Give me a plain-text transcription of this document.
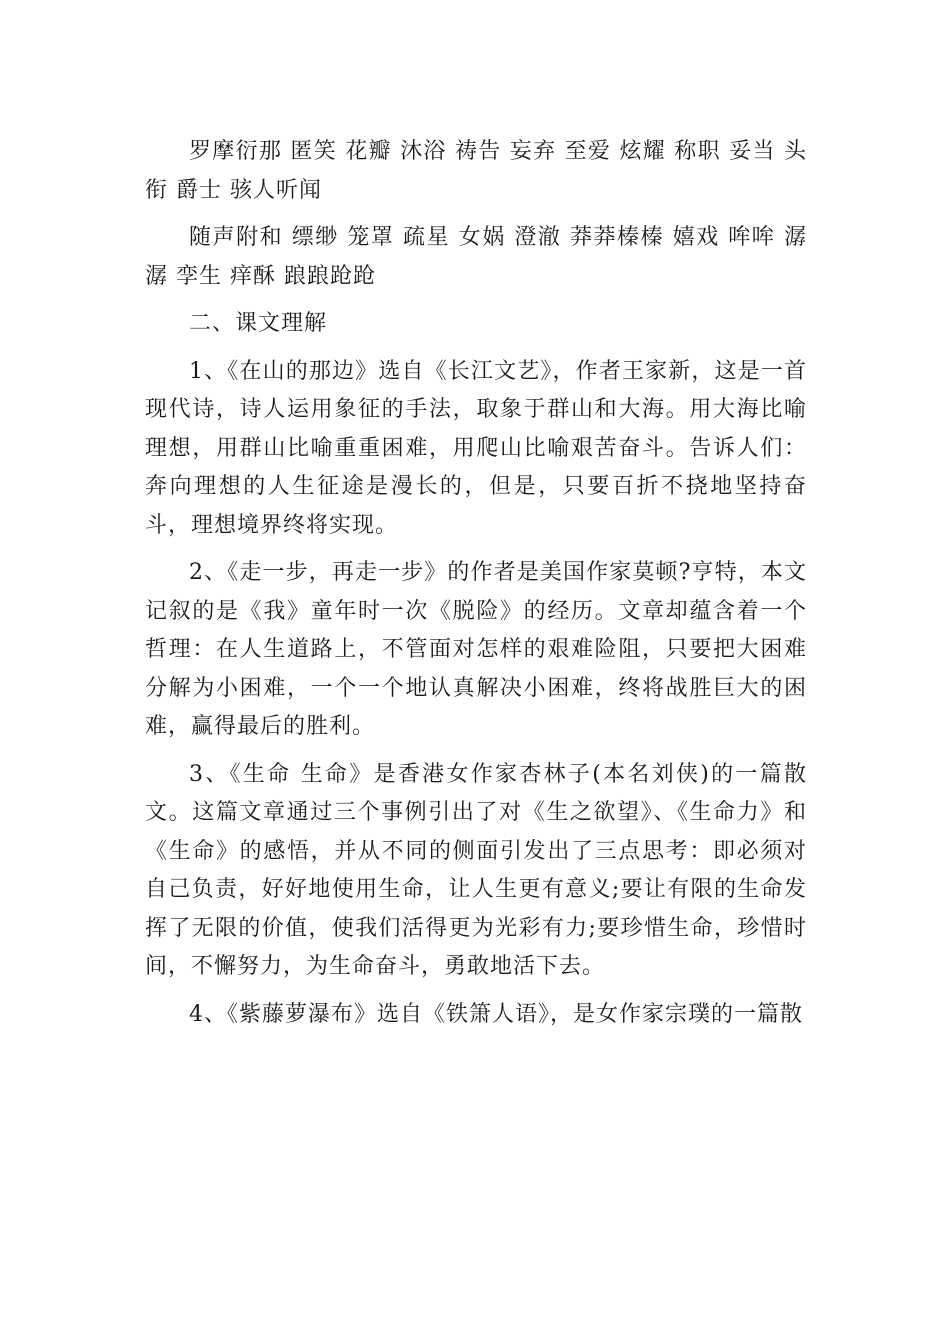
罗摩衍那 匿笑 花瓣 沐浴 祷告 妄弃 至爱 炫耀 称职 妥当 头衔 爵士 骇人听闻

随声附和 缥缈 笼罩 疏星 女娲 澄澈 莽莽榛榛 嬉戏 哞哞 潺潺 孪生 痒酥 踉踉跄跄

二、课文理解

1、《在山的那边》选自《长江文艺》，作者王家新，这是一首现代诗，诗人运用象征的手法，取象于群山和大海。用大海比喻理想，用群山比喻重重困难，用爬山比喻艰苦奋斗。告诉人们：奔向理想的人生征途是漫长的，但是，只要百折不挠地坚持奋斗，理想境界终将实现。

2、《走一步，再走一步》的作者是美国作家莫顿?亨特，本文记叙的是《我》童年时一次《脱险》的经历。文章却蕴含着一个哲理：在人生道路上，不管面对怎样的艰难险阻，只要把大困难分解为小困难，一个一个地认真解决小困难，终将战胜巨大的困难，赢得最后的胜利。

3、《生命 生命》是香港女作家杏林子(本名刘侠)的一篇散文。这篇文章通过三个事例引出了对《生之欲望》、《生命力》和《生命》的感悟，并从不同的侧面引发出了三点思考：即必须对自己负责，好好地使用生命，让人生更有意义;要让有限的生命发挥了无限的价值，使我们活得更为光彩有力;要珍惜生命，珍惜时间，不懈努力，为生命奋斗，勇敢地活下去。

4、《紫藤萝瀑布》选自《铁箫人语》，是女作家宗璞的一篇散
